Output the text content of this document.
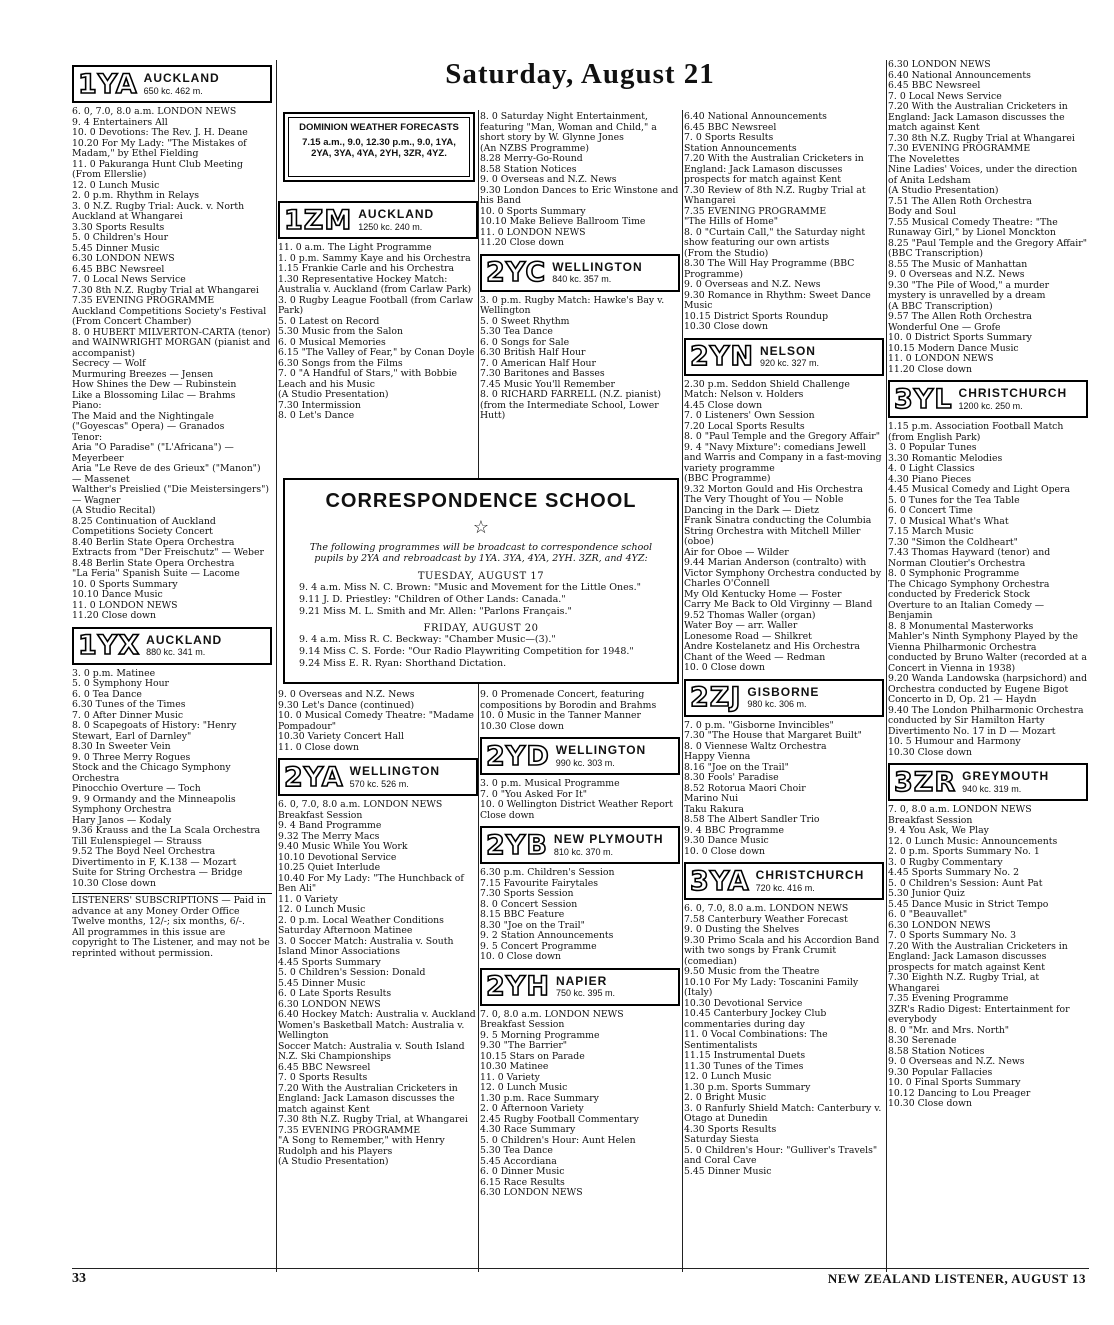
Saturday, August 21
1YA AUCKLAND
650 kc. 462 m.
6. 0, 7.0, 8.0 a.m. LONDON NEWS
9. 4 Entertainers All
10. 0 Devotions: The Rev. J. H. Deane
10.20 For My Lady: "The Mistakes of Madam," by Ethel Fielding
11. 0 Pakuranga Hunt Club Meeting (From Ellerslie)
12. 0 Lunch Music
2. 0 p.m. Rhythm in Relays
3. 0 N.Z. Rugby Trial: Auck. v. North Auckland at Whangarei
3.30 Sports Results
5. 0 Children's Hour
5.45 Dinner Music
6.30 LONDON NEWS
6.45 BBC Newsreel
7. 0 Local News Service
7.30 8th N.Z. Rugby Trial at Whangarei
7.35 EVENING PROGRAMME
Auckland Competitions Society's Festival
(From Concert Chamber)
8. 0 HUBERT MILVERTON-CARTA (tenor) and WAINWRIGHT MORGAN (pianist and accompanist)
Secrecy — Wolf
Murmuring Breezes — Jensen
How Shines the Dew — Rubinstein
Like a Blossoming Lilac — Brahms
Piano:
The Maid and the Nightingale ("Goyescas" Opera) — Granados
Tenor:
Aria "O Paradise" ("L'Africana") — Meyerbeer
Aria "Le Reve de des Grieux" ("Manon") — Massenet
Walther's Preislied ("Die Meistersingers") — Wagner
(A Studio Recital)
8.25 Continuation of Auckland Competitions Society Concert
8.40 Berlin State Opera Orchestra
Extracts from "Der Freischutz" — Weber
8.48 Berlin State Opera Orchestra
"La Feria" Spanish Suite — Lacome
10. 0 Sports Summary
10.10 Dance Music
11. 0 LONDON NEWS
11.20 Close down
1YX AUCKLAND
880 kc. 341 m.
3. 0 p.m. Matinee
5. 0 Symphony Hour
6. 0 Tea Dance
6.30 Tunes of the Times
7. 0 After Dinner Music
8. 0 Scapegoats of History: "Henry Stewart, Earl of Darnley"
8.30 In Sweeter Vein
9. 0 Three Merry Rogues
Stock and the Chicago Symphony Orchestra
Pinocchio Overture — Toch
9. 9 Ormandy and the Minneapolis Symphony Orchestra
Hary Janos — Kodaly
9.36 Krauss and the La Scala Orchestra
Till Eulenspiegel — Strauss
9.52 The Boyd Neel Orchestra
Divertimento in F, K.138 — Mozart
Suite for String Orchestra — Bridge
10.30 Close down
LISTENERS' SUBSCRIPTIONS — Paid in advance at any Money Order Office Twelve months, 12/-; six months, 6/-.
All programmes in this issue are copyright to The Listener, and may not be reprinted without permission.
DOMINION WEATHER FORECASTS
7.15 a.m., 9.0, 12.30 p.m., 9.0, 1YA, 2YA, 3YA, 4YA, 2YH, 3ZR, 4YZ.
1ZM AUCKLAND
1250 kc. 240 m.
11. 0 a.m. The Light Programme
1. 0 p.m. Sammy Kaye and his Orchestra
1.15 Frankie Carle and his Orchestra
1.30 Representative Hockey Match: Australia v. Auckland (from Carlaw Park)
3. 0 Rugby League Football (from Carlaw Park)
5. 0 Latest on Record
5.30 Music from the Salon
6. 0 Musical Memories
6.15 "The Valley of Fear," by Conan Doyle
6.30 Songs from the Films
7. 0 "A Handful of Stars," with Bobbie Leach and his Music
(A Studio Presentation)
7.30 Intermission
8. 0 Let's Dance
CORRESPONDENCE SCHOOL
☆
The following programmes will be broadcast to correspondence school pupils by 2YA and rebroadcast by 1YA. 3YA, 4YA, 2YH. 3ZR, and 4YZ:
TUESDAY, AUGUST 17
9. 4 a.m. Miss N. C. Brown: "Music and Movement for the Little Ones."
9.11 J. D. Priestley: "Children of Other Lands: Canada."
9.21 Miss M. L. Smith and Mr. Allen: "Parlons Français."
FRIDAY, AUGUST 20
9. 4 a.m. Miss R. C. Beckway: "Chamber Music—(3)."
9.14 Miss C. S. Forde: "Our Radio Playwriting Competition for 1948."
9.24 Miss E. R. Ryan: Shorthand Dictation.
9. 0 Overseas and N.Z. News
9.30 Let's Dance (continued)
10. 0 Musical Comedy Theatre: "Madame Pompadour"
10.30 Variety Concert Hall
11. 0 Close down
2YA WELLINGTON
570 kc. 526 m.
6. 0, 7.0, 8.0 a.m. LONDON NEWS
Breakfast Session
9. 4 Band Programme
9.32 The Merry Macs
9.40 Music While You Work
10.10 Devotional Service
10.25 Quiet Interlude
10.40 For My Lady: "The Hunchback of Ben Ali"
11. 0 Variety
12. 0 Lunch Music
2. 0 p.m. Local Weather Conditions
Saturday Afternoon Matinee
3. 0 Soccer Match: Australia v. South Island Minor Associations
4.45 Sports Summary
5. 0 Children's Session: Donald
5.45 Dinner Music
6. 0 Late Sports Results
6.30 LONDON NEWS
6.40 Hockey Match: Australia v. Auckland
Women's Basketball Match: Australia v. Wellington
Soccer Match: Australia v. South Island
N.Z. Ski Championships
6.45 BBC Newsreel
7. 0 Sports Results
7.20 With the Australian Cricketers in England: Jack Lamason discusses the match against Kent
7.30 8th N.Z. Rugby Trial, at Whangarei
7.35 EVENING PROGRAMME
"A Song to Remember," with Henry Rudolph and his Players
(A Studio Presentation)
8. 0 Saturday Night Entertainment, featuring "Man, Woman and Child," a short story by W. Glynne Jones
(An NZBS Programme)
8.28 Merry-Go-Round
8.58 Station Notices
9. 0 Overseas and N.Z. News
9.30 London Dances to Eric Winstone and his Band
10. 0 Sports Summary
10.10 Make Believe Ballroom Time
11. 0 LONDON NEWS
11.20 Close down
2YC WELLINGTON
840 kc. 357 m.
3. 0 p.m. Rugby Match: Hawke's Bay v. Wellington
5. 0 Sweet Rhythm
5.30 Tea Dance
6. 0 Songs for Sale
6.30 British Half Hour
7. 0 American Half Hour
7.30 Baritones and Basses
7.45 Music You'll Remember
8. 0 RICHARD FARRELL (N.Z. pianist) (from the Intermediate School, Lower Hutt)
9. 0 Promenade Concert, featuring compositions by Borodin and Brahms
10. 0 Music in the Tanner Manner
10.30 Close down
2YD WELLINGTON
990 kc. 303 m.
3. 0 p.m. Musical Programme
7. 0 "You Asked For It"
10. 0 Wellington District Weather Report
Close down
2YB NEW PLYMOUTH
810 kc. 370 m.
6.30 p.m. Children's Session
7.15 Favourite Fairytales
7.30 Sports Session
8. 0 Concert Session
8.15 BBC Feature
8.30 "Joe on the Trail"
9. 2 Station Announcements
9. 5 Concert Programme
10. 0 Close down
2YH NAPIER
750 kc. 395 m.
7. 0, 8.0 a.m. LONDON NEWS
Breakfast Session
9. 5 Morning Programme
9.30 "The Barrier"
10.15 Stars on Parade
10.30 Matinee
11. 0 Variety
12. 0 Lunch Music
1.30 p.m. Race Summary
2. 0 Afternoon Variety
2.45 Rugby Football Commentary
4.30 Race Summary
5. 0 Children's Hour: Aunt Helen
5.30 Tea Dance
5.45 Accordiana
6. 0 Dinner Music
6.15 Race Results
6.30 LONDON NEWS
6.40 National Announcements
6.45 BBC Newsreel
7. 0 Sports Results
Station Announcements
7.20 With the Australian Cricketers in England: Jack Lamason discusses prospects for match against Kent
7.30 Review of 8th N.Z. Rugby Trial at Whangarei
7.35 EVENING PROGRAMME
"The Hills of Home"
8. 0 "Curtain Call," the Saturday night show featuring our own artists
(From the Studio)
8.30 The Will Hay Programme (BBC Programme)
9. 0 Overseas and N.Z. News
9.30 Romance in Rhythm: Sweet Dance Music
10.15 District Sports Roundup
10.30 Close down
2YN NELSON
920 kc. 327 m.
2.30 p.m. Seddon Shield Challenge Match: Nelson v. Holders
4.45 Close down
7. 0 Listeners' Own Session
7.20 Local Sports Results
8. 0 "Paul Temple and the Gregory Affair"
9. 4 "Navy Mixture": comedians Jewell and Warris and Company in a fast-moving variety programme
(BBC Programme)
9.32 Morton Gould and His Orchestra
The Very Thought of You — Noble
Dancing in the Dark — Dietz
Frank Sinatra conducting the Columbia String Orchestra with Mitchell Miller (oboe)
Air for Oboe — Wilder
9.44 Marian Anderson (contralto) with Victor Symphony Orchestra conducted by Charles O'Connell
My Old Kentucky Home — Foster
Carry Me Back to Old Virginny — Bland
9.52 Thomas Waller (organ)
Water Boy — arr. Waller
Lonesome Road — Shilkret
Andre Kostelanetz and His Orchestra
Chant of the Weed — Redman
10. 0 Close down
2ZJ GISBORNE
980 kc. 306 m.
7. 0 p.m. "Gisborne Invincibles"
7.30 "The House that Margaret Built"
8. 0 Viennese Waltz Orchestra
Happy Vienna
8.16 "Joe on the Trail"
8.30 Fools' Paradise
8.52 Rotorua Maori Choir
Marino Nui
Taku Rakura
8.58 The Albert Sandler Trio
9. 4 BBC Programme
9.30 Dance Music
10. 0 Close down
3YA CHRISTCHURCH
720 kc. 416 m.
6. 0, 7.0, 8.0 a.m. LONDON NEWS
7.58 Canterbury Weather Forecast
9. 0 Dusting the Shelves
9.30 Primo Scala and his Accordion Band with two songs by Frank Crumit (comedian)
9.50 Music from the Theatre
10.10 For My Lady: Toscanini Family (Italy)
10.30 Devotional Service
10.45 Canterbury Jockey Club commentaries during day
11. 0 Vocal Combinations: The Sentimentalists
11.15 Instrumental Duets
11.30 Tunes of the Times
12. 0 Lunch Music
1.30 p.m. Sports Summary
2. 0 Bright Music
3. 0 Ranfurly Shield Match: Canterbury v. Otago at Dunedin
4.30 Sports Results
Saturday Siesta
5. 0 Children's Hour: "Gulliver's Travels" and Coral Cave
5.45 Dinner Music
6.30 LONDON NEWS
6.40 National Announcements
6.45 BBC Newsreel
7. 0 Local News Service
7.20 With the Australian Cricketers in England: Jack Lamason discusses the match against Kent
7.30 8th N.Z. Rugby Trial at Whangarei
7.30 EVENING PROGRAMME
The Novelettes
Nine Ladies' Voices, under the direction of Anita Ledsham
(A Studio Presentation)
7.51 The Allen Roth Orchestra
Body and Soul
7.55 Musical Comedy Theatre: "The Runaway Girl," by Lionel Monckton
8.25 "Paul Temple and the Gregory Affair"
(BBC Transcription)
8.55 The Music of Manhattan
9. 0 Overseas and N.Z. News
9.30 "The Pile of Wood," a murder mystery is unravelled by a dream
(A BBC Transcription)
9.57 The Allen Roth Orchestra
Wonderful One — Grofe
10. 0 District Sports Summary
10.15 Modern Dance Music
11. 0 LONDON NEWS
11.20 Close down
3YL CHRISTCHURCH
1200 kc. 250 m.
1.15 p.m. Association Football Match (from English Park)
3. 0 Popular Tunes
3.30 Romantic Melodies
4. 0 Light Classics
4.30 Piano Pieces
4.45 Musical Comedy and Light Opera
5. 0 Tunes for the Tea Table
6. 0 Concert Time
7. 0 Musical What's What
7.15 March Music
7.30 "Simon the Coldheart"
7.43 Thomas Hayward (tenor) and Norman Cloutier's Orchestra
8. 0 Symphonic Programme
The Chicago Symphony Orchestra conducted by Frederick Stock
Overture to an Italian Comedy — Benjamin
8. 8 Monumental Masterworks
Mahler's Ninth Symphony Played by the Vienna Philharmonic Orchestra conducted by Bruno Walter (recorded at a Concert in Vienna in 1938)
9.20 Wanda Landowska (harpsichord) and Orchestra conducted by Eugene Bigot
Concerto in D, Op. 21 — Haydn
9.40 The London Philharmonic Orchestra conducted by Sir Hamilton Harty
Divertimento No. 17 in D — Mozart
10. 5 Humour and Harmony
10.30 Close down
3ZR GREYMOUTH
940 kc. 319 m.
7. 0, 8.0 a.m. LONDON NEWS
Breakfast Session
9. 4 You Ask, We Play
12. 0 Lunch Music: Announcements
2. 0 p.m. Sports Summary No. 1
3. 0 Rugby Commentary
4.45 Sports Summary No. 2
5. 0 Children's Session: Aunt Pat
5.30 Junior Quiz
5.45 Dance Music in Strict Tempo
6. 0 "Beauvallet"
6.30 LONDON NEWS
7. 0 Sports Summary No. 3
7.20 With the Australian Cricketers in England: Jack Lamason discusses prospects for match against Kent
7.30 Eighth N.Z. Rugby Trial, at Whangarei
7.35 Evening Programme
3ZR's Radio Digest: Entertainment for everybody
8. 0 "Mr. and Mrs. North"
8.30 Serenade
8.58 Station Notices
9. 0 Overseas and N.Z. News
9.30 Popular Fallacies
10. 0 Final Sports Summary
10.12 Dancing to Lou Preager
10.30 Close down
33	NEW ZEALAND LISTENER, AUGUST 13
